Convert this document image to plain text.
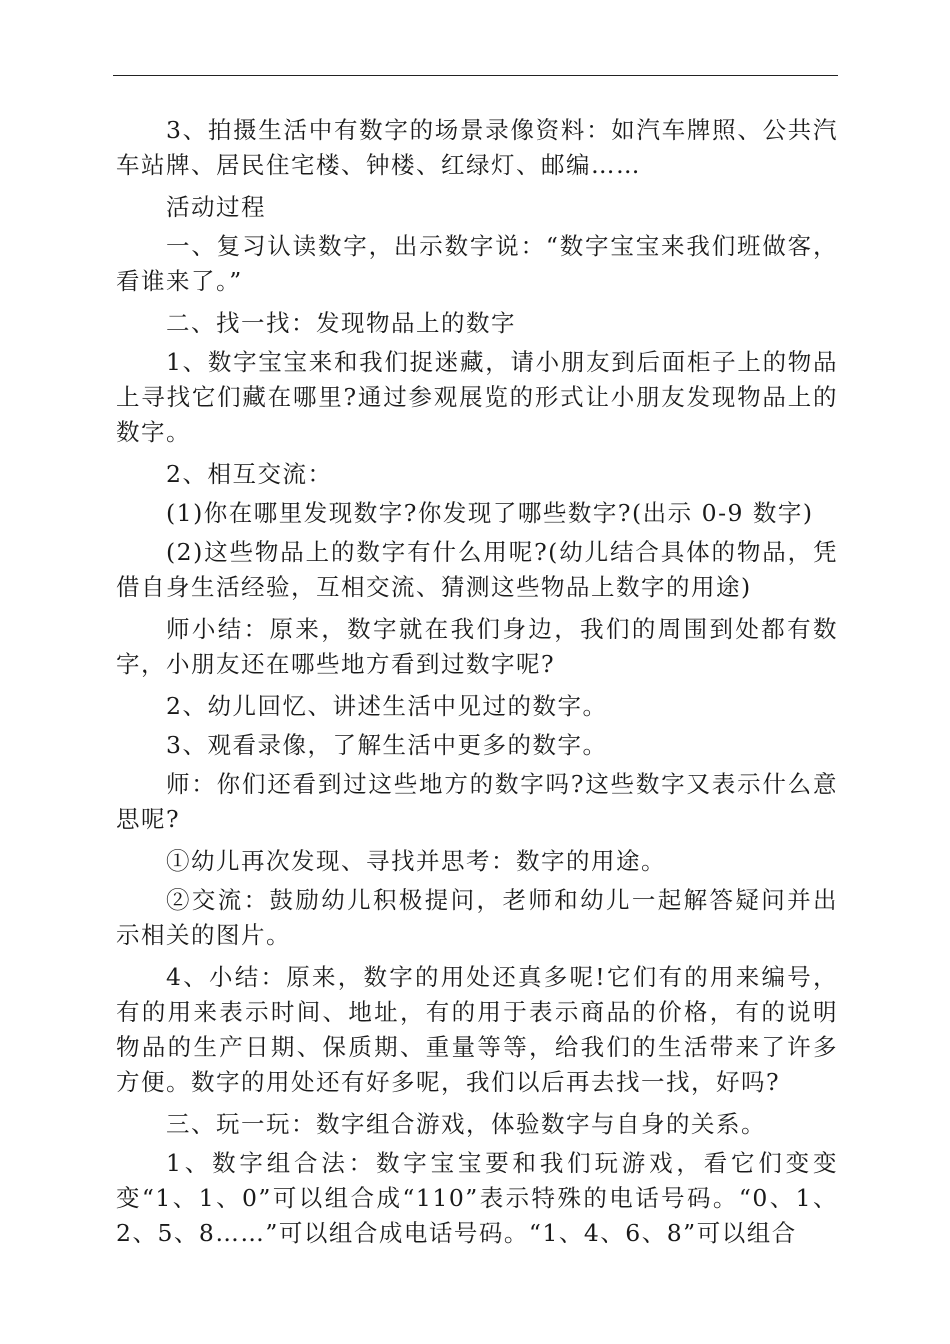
3、拍摄生活中有数字的场景录像资料：如汽车牌照、公共汽车站牌、居民住宅楼、钟楼、红绿灯、邮编……

活动过程

一、复习认读数字，出示数字说：“数字宝宝来我们班做客，看谁来了。”

二、找一找：发现物品上的数字

1、数字宝宝来和我们捉迷藏，请小朋友到后面柜子上的物品上寻找它们藏在哪里?通过参观展览的形式让小朋友发现物品上的数字。

2、相互交流：

(1)你在哪里发现数字?你发现了哪些数字?(出示 0-9 数字)

(2)这些物品上的数字有什么用呢?(幼儿结合具体的物品，凭借自身生活经验，互相交流、猜测这些物品上数字的用途)

师小结：原来，数字就在我们身边，我们的周围到处都有数字，小朋友还在哪些地方看到过数字呢?

2、幼儿回忆、讲述生活中见过的数字。

3、观看录像，了解生活中更多的数字。

师：你们还看到过这些地方的数字吗?这些数字又表示什么意思呢?

①幼儿再次发现、寻找并思考：数字的用途。

②交流：鼓励幼儿积极提问，老师和幼儿一起解答疑问并出示相关的图片。

4、小结：原来，数字的用处还真多呢!它们有的用来编号，有的用来表示时间、地址，有的用于表示商品的价格，有的说明物品的生产日期、保质期、重量等等，给我们的生活带来了许多方便。数字的用处还有好多呢，我们以后再去找一找，好吗?

三、玩一玩：数字组合游戏，体验数字与自身的关系。

1、数字组合法：数字宝宝要和我们玩游戏，看它们变变变“1、1、0”可以组合成“110”表示特殊的电话号码。“0、1、2、5、8……”可以组合成电话号码。“1、4、6、8”可以组合
